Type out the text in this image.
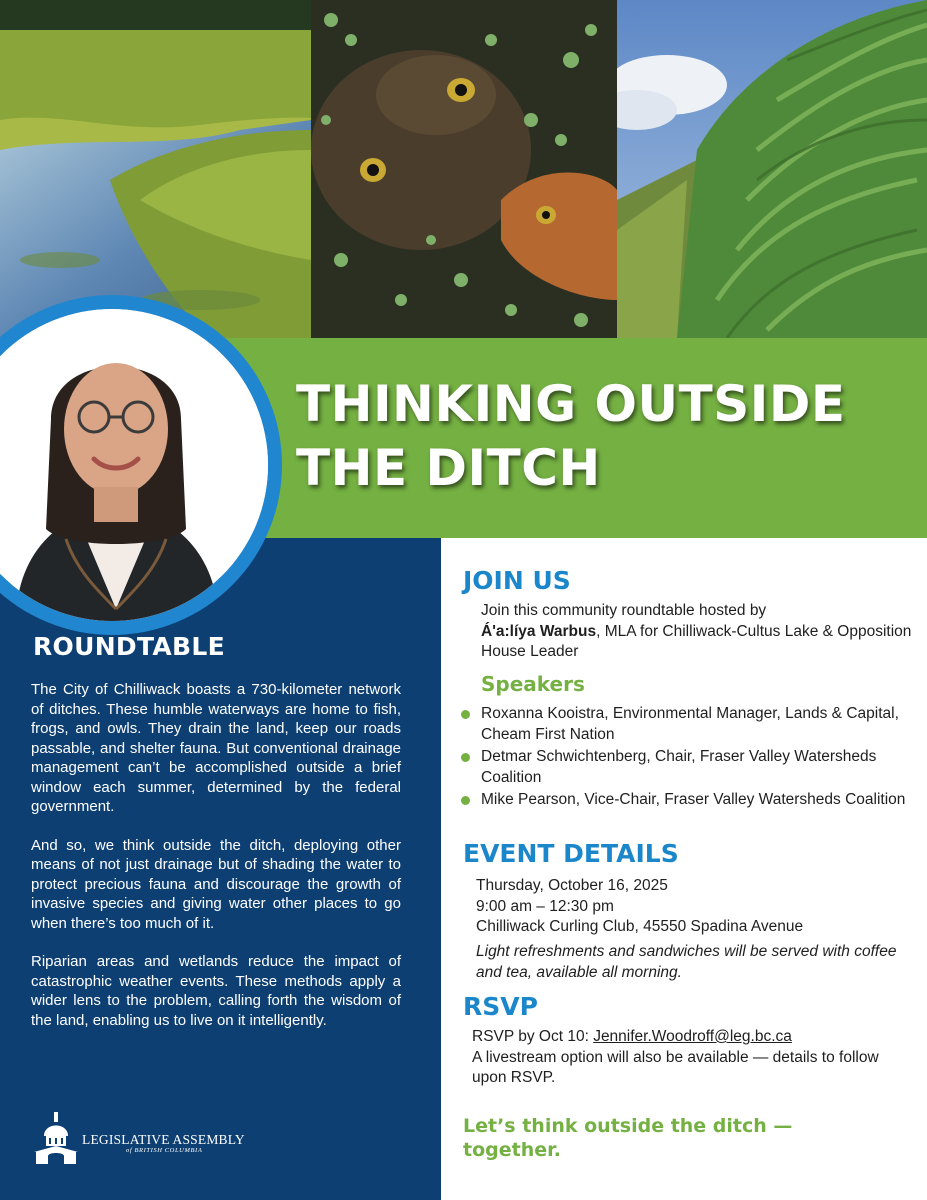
THINKING OUTSIDE
THE DITCH
ROUNDTABLE

The City of Chilliwack boasts a 730-kilometer network of ditches. These humble waterways are home to fish, frogs, and owls. They drain the land, keep our roads passable, and shelter fauna. But conventional drainage management can’t be accomplished outside a brief window each summer, determined by the federal government.

And so, we think outside the ditch, deploying other means of not just drainage but of shading the water to protect precious fauna and discourage the growth of invasive species and giving water other places to go when there’s too much of it.

Riparian areas and wetlands reduce the impact of catastrophic weather events. These methods apply a wider lens to the problem, calling forth the wisdom of the land, enabling us to live on it intelligently.

LEGISLATIVE ASSEMBLY
of BRITISH COLUMBIA
JOIN US
Join this community roundtable hosted by
Á'a:líya Warbus, MLA for Chilliwack-Cultus Lake & Opposition House Leader
Speakers
Roxanna Kooistra, Environmental Manager, Lands & Capital, Cheam First Nation
Detmar Schwichtenberg, Chair, Fraser Valley Watersheds Coalition
Mike Pearson, Vice-Chair, Fraser Valley Watersheds Coalition
EVENT DETAILS
Thursday, October 16, 2025
9:00 am – 12:30 pm
Chilliwack Curling Club, 45550 Spadina Avenue
Light refreshments and sandwiches will be served with coffee and tea, available all morning.
RSVP
RSVP by Oct 10: Jennifer.Woodroff@leg.bc.ca
A livestream option will also be available — details to follow upon RSVP.

Let’s think outside the ditch — together.
